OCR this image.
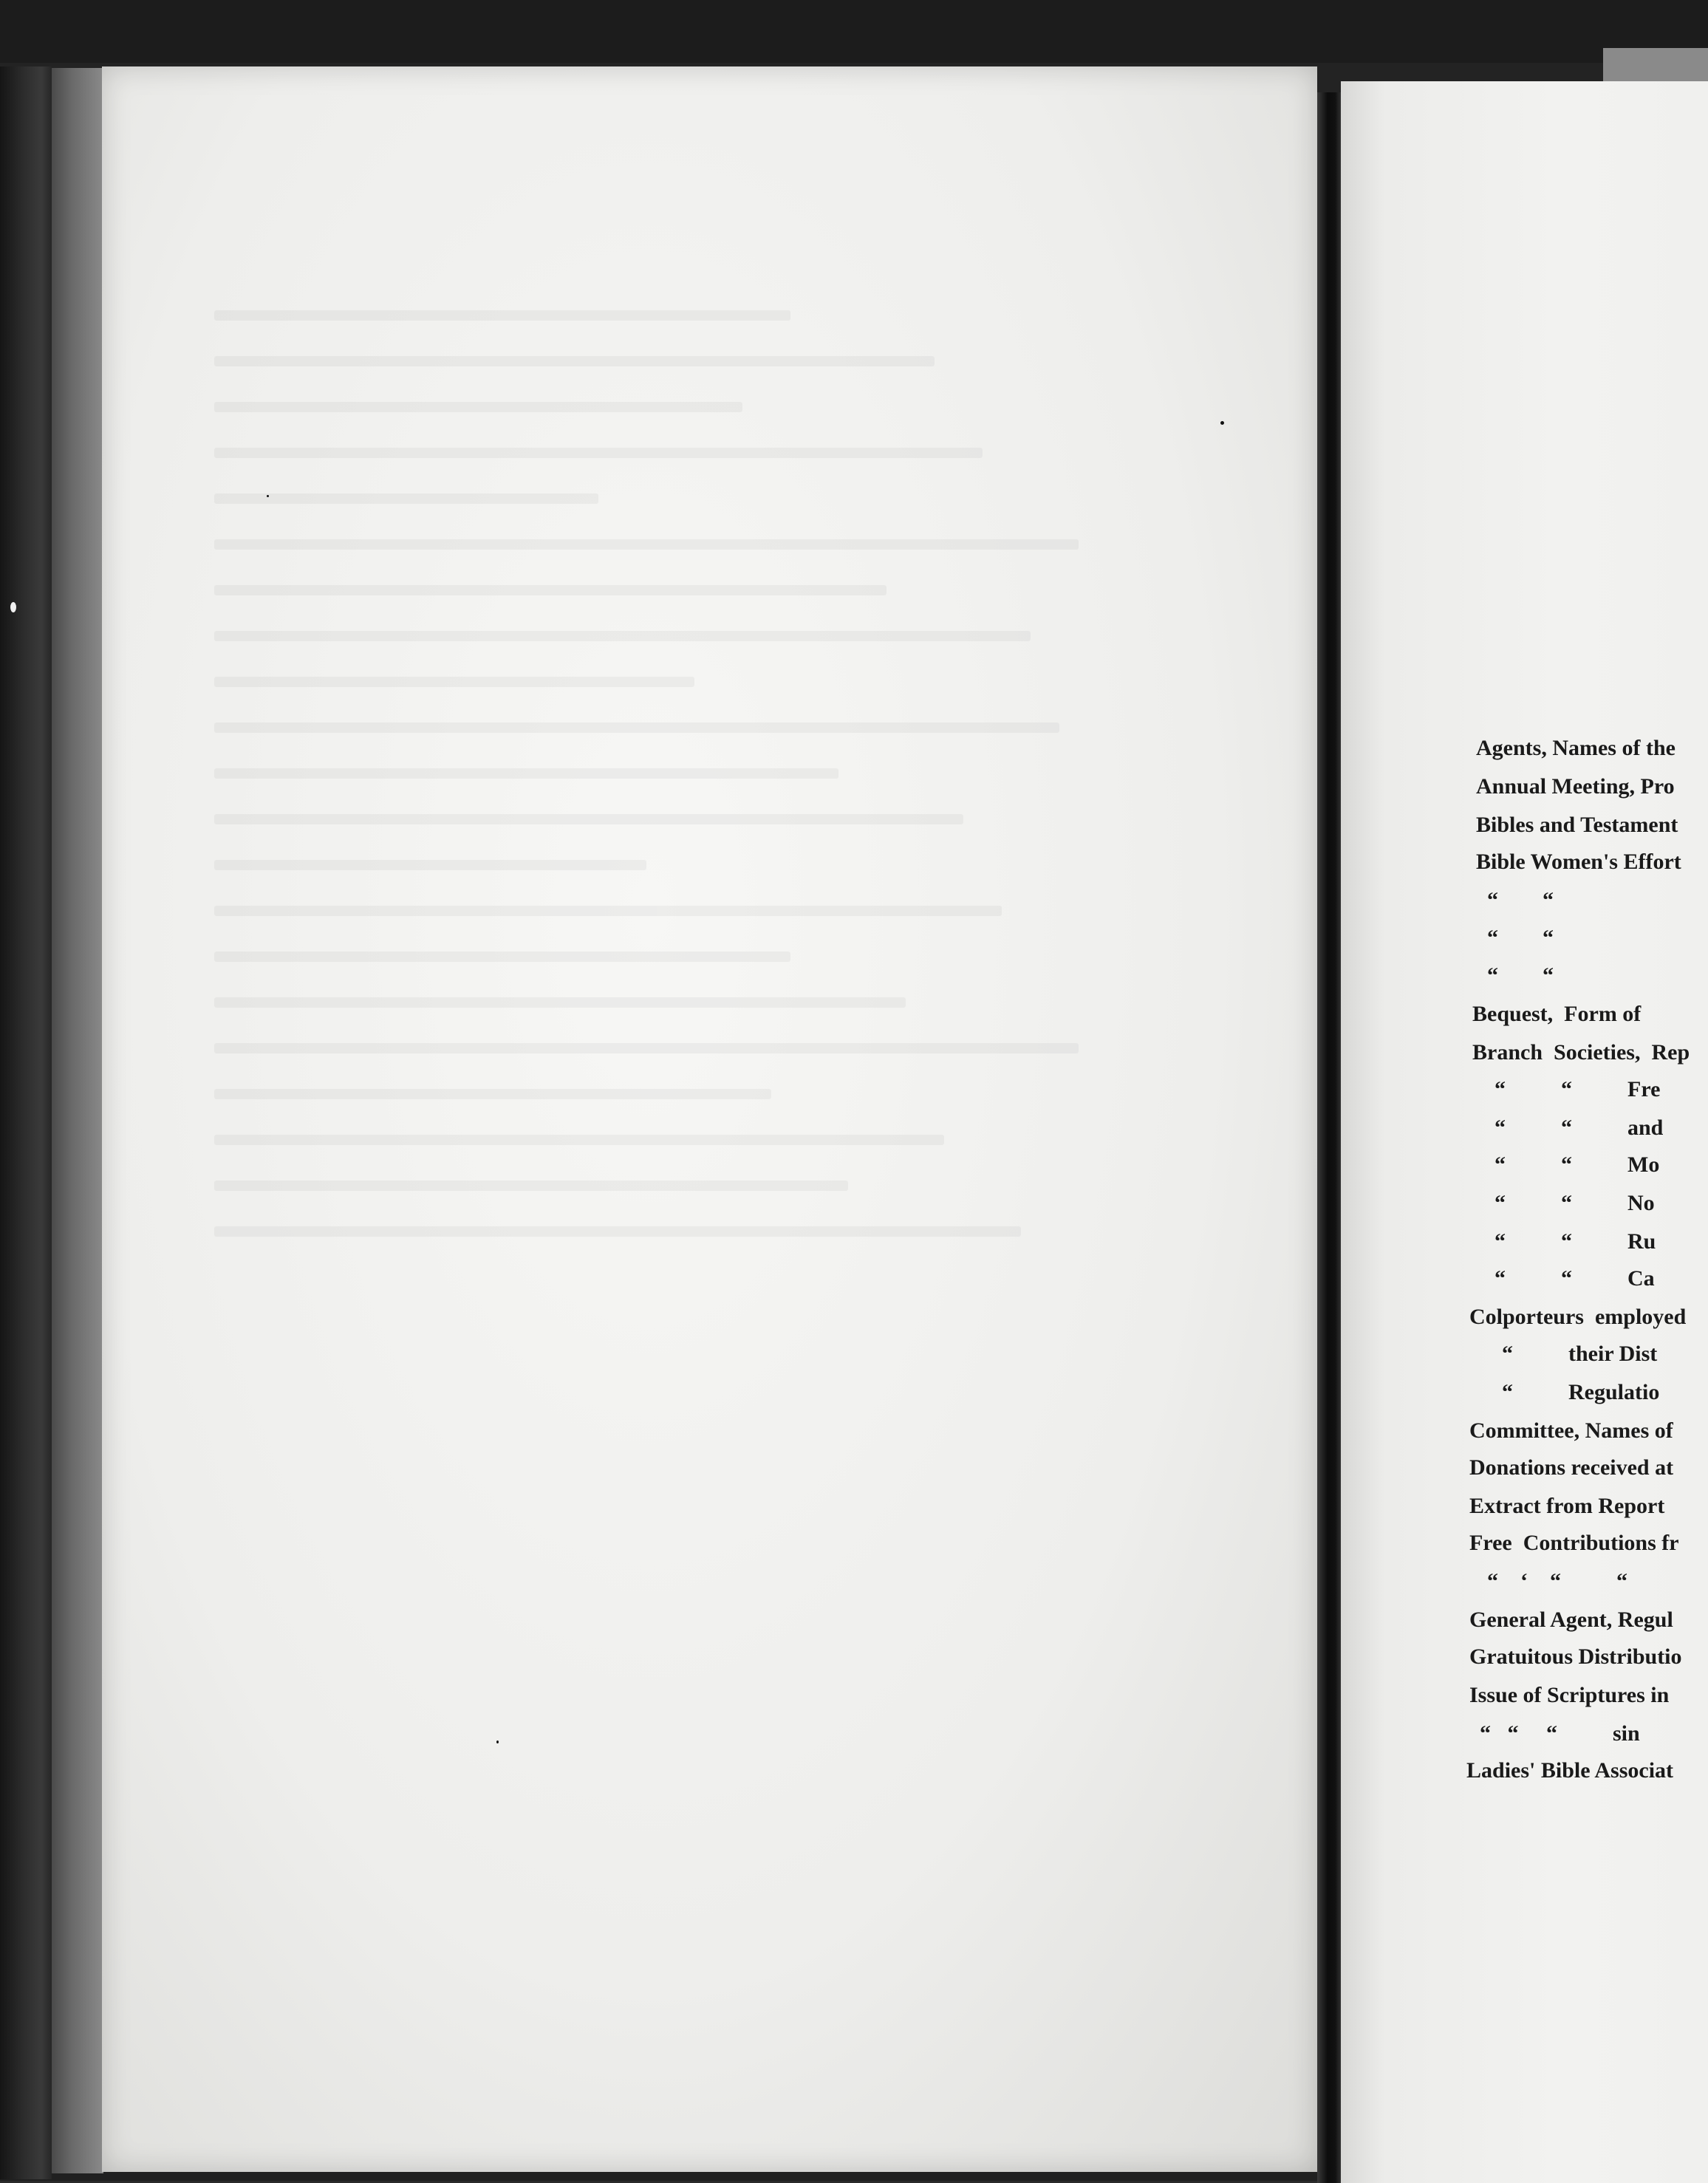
Agents, Names of the
Annual Meeting, Pro
Bibles and Testament
Bible Women's Effort
“        “
“        “
“        “
Bequest,  Form of
Branch  Societies,  Rep
“          “          Fre
“          “          and
“          “          Mo
“          “          No
“          “          Ru
“          “          Ca
Colporteurs  employed
“          their Dist
“          Regulatio
Committee, Names of
Donations received at
Extract from Report
Free  Contributions fr
“    ‘    “          “
General Agent, Regul
Gratuitous Distributio
Issue of Scriptures in
“   “     “          sin
Ladies' Bible Associat
